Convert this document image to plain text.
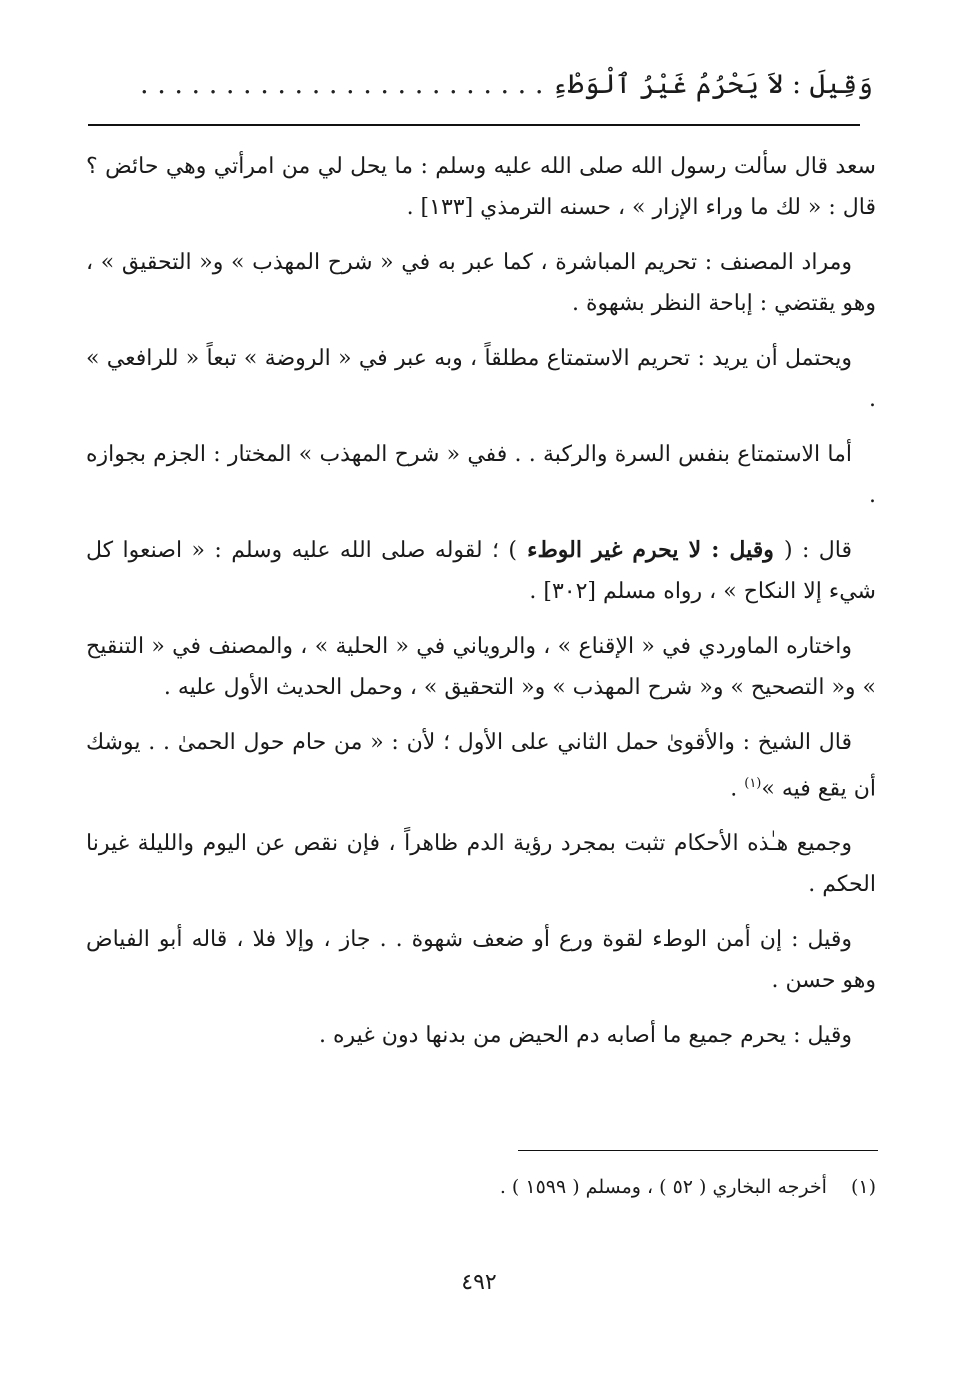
وَقِيلَ : لاَ يَحْرُمُ غَيْرُ ٱلْوَطْءِ . . . . . . . . . . . . . . . . . . . . . . . .

سعد قال سألت رسول الله صلى الله عليه وسلم : ما يحل لي من امرأتي وهي حائض ؟ قال : « لك ما وراء الإزار » ، حسنه الترمذي [١٣٣] .

ومراد المصنف : تحريم المباشرة ، كما عبر به في « شرح المهذب » و« التحقيق » ، وهو يقتضي : إباحة النظر بشهوة .

ويحتمل أن يريد : تحريم الاستمتاع مطلقاً ، وبه عبر في « الروضة » تبعاً « للرافعي » .

أما الاستمتاع بنفس السرة والركبة . . ففي « شرح المهذب » المختار : الجزم بجوازه .

قال : ( وقيل : لا يحرم غير الوطء ) ؛ لقوله صلى الله عليه وسلم : « اصنعوا كل شيء إلا النكاح » ، رواه مسلم [٣٠٢] .

واختاره الماوردي في « الإقناع » ، والروياني في « الحلية » ، والمصنف في « التنقيح » و« التصحيح » و« شرح المهذب » و« التحقيق » ، وحمل الحديث الأول عليه .

قال الشيخ : والأقوىٰ حمل الثاني على الأول ؛ لأن : « من حام حول الحمىٰ . . يوشك أن يقع فيه »$^{(١)}$ .

وجميع هـٰذه الأحكام تثبت بمجرد رؤية الدم ظاهراً ، فإن نقص عن اليوم والليلة غيرنا الحكم .

وقيل : إن أمن الوطء لقوة ورع أو ضعف شهوة . . جاز ، وإلا فلا ، قاله أبو الفياض وهو حسن .

وقيل : يحرم جميع ما أصابه دم الحيض من بدنها دون غيره .

(١) أخرجه البخاري ( ٥٢ ) ، ومسلم ( ١٥٩٩ ) .
٤٩٢
